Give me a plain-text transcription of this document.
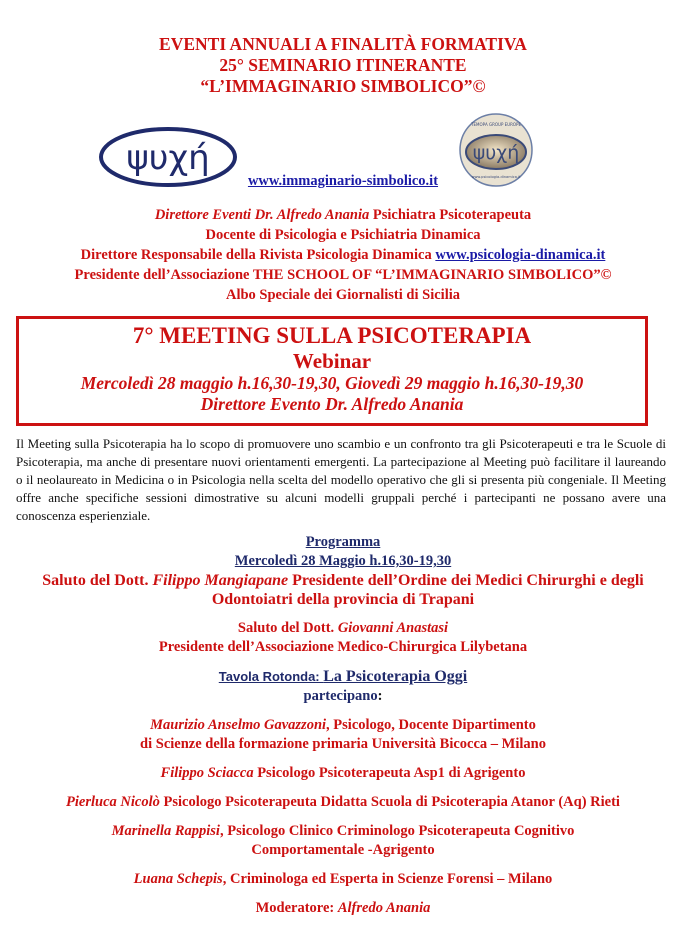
EVENTI ANNUALI A FINALITÀ FORMATIVA
25° SEMINARIO ITINERANTE
“L’IMMAGINARIO SIMBOLICO”©
ψυχή	ψυχή
ΤΕΜΟΡΑ GROUP EUROPE
www.psicologia-dinamica.it
www.immaginario-simbolico.it
Direttore Eventi Dr. Alfredo Anania Psichiatra Psicoterapeuta
Docente di Psicologia e Psichiatria Dinamica
Direttore Responsabile della Rivista Psicologia Dinamica www.psicologia-dinamica.it
Presidente dell’Associazione THE SCHOOL OF “L’IMMAGINARIO SIMBOLICO”©
Albo Speciale dei Giornalisti di Sicilia
7° MEETING SULLA PSICOTERAPIA
Webinar
Mercoledì 28 maggio h.16,30-19,30, Giovedì 29 maggio h.16,30-19,30
Direttore Evento Dr. Alfredo Anania
Il Meeting sulla Psicoterapia ha lo scopo di promuovere uno scambio e un confronto tra gli Psicoterapeuti e tra le Scuole di Psicoterapia, ma anche di presentare nuovi orientamenti emergenti. La partecipazione al Meeting può facilitare il laureando o il neolaureato in Medicina o in Psicologia nella scelta del modello operativo che gli si presenta più congeniale. Il Meeting offre anche specifiche sessioni dimostrative su alcuni modelli gruppali perché i partecipanti ne possano avere una conoscenza esperienziale.
Programma
Mercoledì 28 Maggio h.16,30-19,30
Saluto del Dott. Filippo Mangiapane Presidente dell’Ordine dei Medici Chirurghi e degli
Odontoiatri della provincia di Trapani
Saluto del Dott. Giovanni Anastasi
Presidente dell’Associazione Medico-Chirurgica Lilybetana
Tavola Rotonda: La Psicoterapia Oggi
partecipano:
Maurizio Anselmo Gavazzoni, Psicologo, Docente Dipartimento
di Scienze della formazione primaria Università Bicocca – Milano
Filippo Sciacca Psicologo Psicoterapeuta Asp1 di Agrigento
Pierluca Nicolò Psicologo Psicoterapeuta Didatta Scuola di Psicoterapia Atanor (Aq) Rieti
Marinella Rappisi, Psicologo Clinico Criminologo Psicoterapeuta Cognitivo
Comportamentale -Agrigento
Luana Schepis, Criminologa ed Esperta in Scienze Forensi – Milano
Moderatore: Alfredo Anania
